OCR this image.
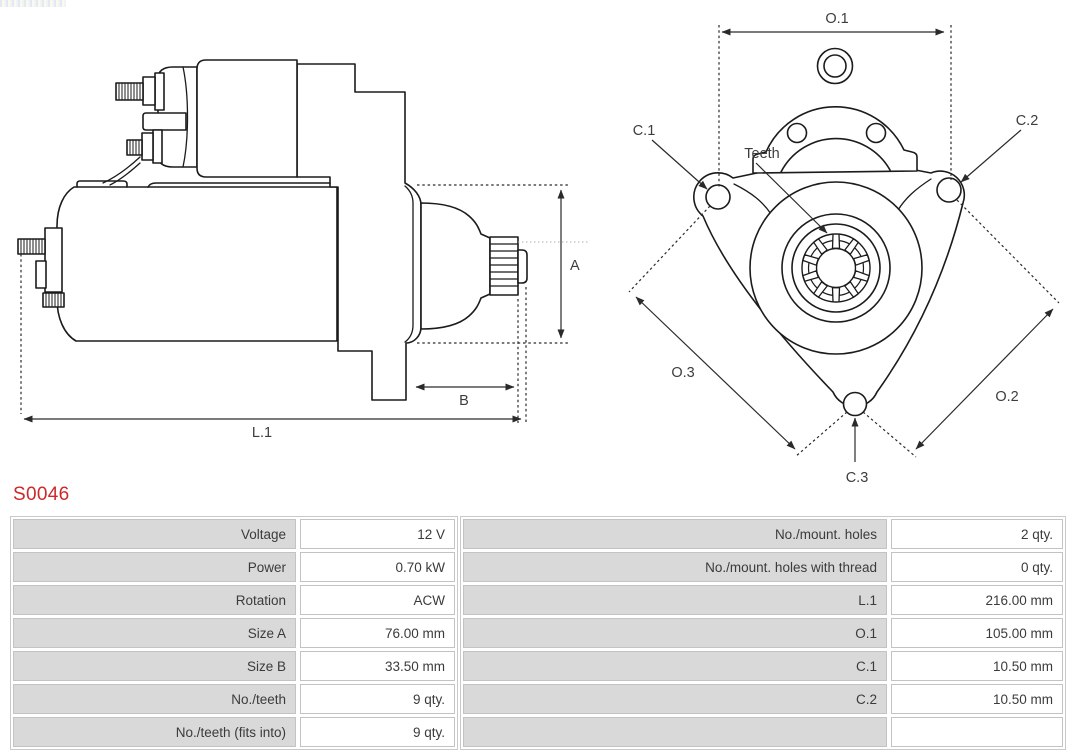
A
B
L.1
O.1
C.1
C.2
Teeth
O.3
O.2
C.3
S0046
Voltage	12 V
Power	0.70 kW
Rotation	ACW
Size A	76.00 mm
Size B	33.50 mm
No./teeth	9 qty.
No./teeth (fits into)	9 qty.
No./mount. holes	2 qty.
No./mount. holes with thread	0 qty.
L.1	216.00 mm
O.1	105.00 mm
C.1	10.50 mm
C.2	10.50 mm
